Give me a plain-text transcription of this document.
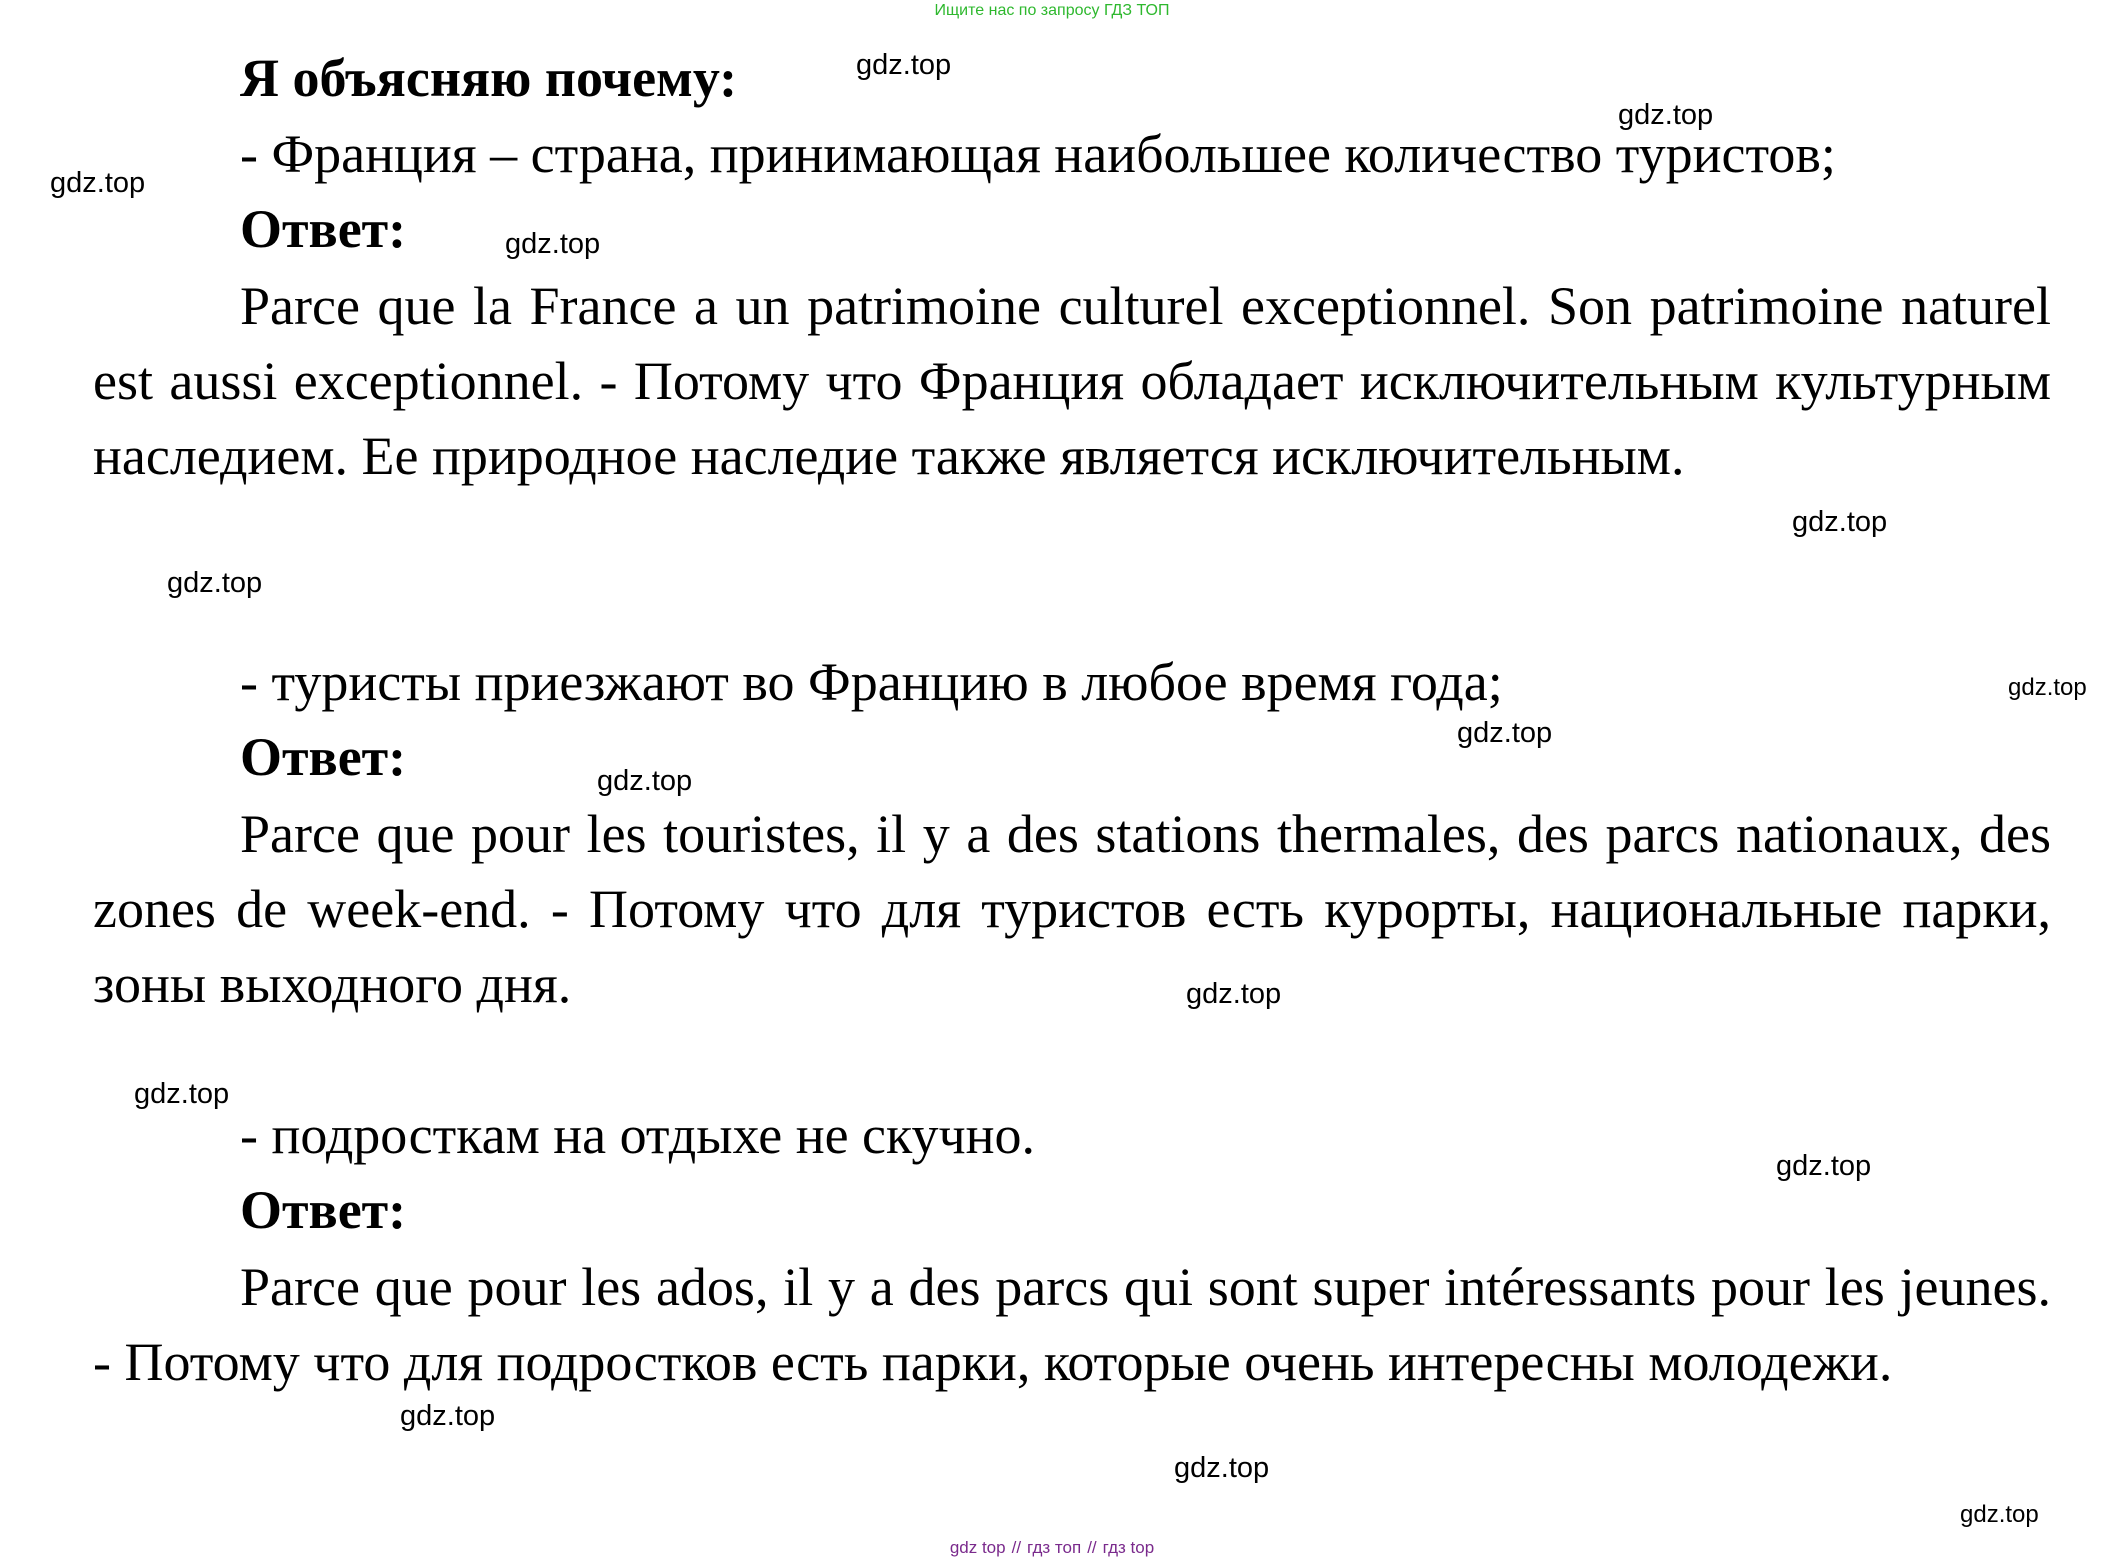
Ищите нас по запросу ГДЗ ТОП
Я объясняю почему:
- Франция – страна, принимающая наибольшее количество туристов;
Ответ:
Parce que la France a un patrimoine culturel exceptionnel. Son patrimoine naturel est aussi exceptionnel. - Потому что Франция обладает исключительным культурным наследием. Ее природное наследие также является исключительным.
- туристы приезжают во Францию в любое время года;
Ответ:
Parce que pour les touristes, il y a des stations thermales, des parcs nationaux, des zones de week-end. - Потому что для туристов есть курорты, национальные парки, зоны выходного дня.
- подросткам на отдыхе не скучно.
Ответ:
Parce que pour les ados, il y a des parcs qui sont super intéressants pour les jeunes. - Потому что для подростков есть парки, которые очень интересны молодежи.
gdz.top
gdz.top
gdz.top
gdz.top
gdz.top
gdz.top
gdz.top
gdz.top
gdz.top
gdz.top
gdz.top
gdz.top
gdz.top
gdz.top
gdz.top
gdz top // гдз топ // гдз top
